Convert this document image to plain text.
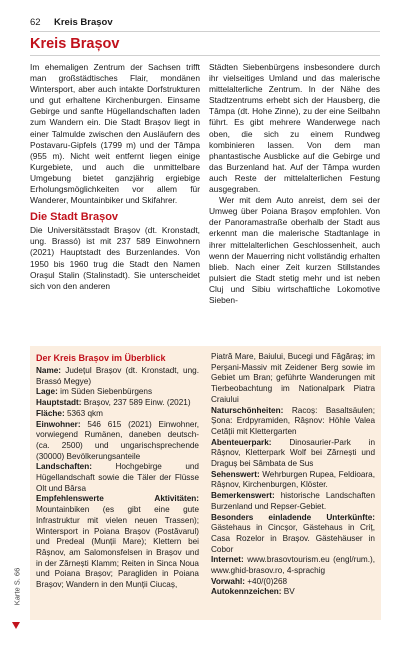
62 Kreis Brașov
Kreis Brașov

Im ehemaligen Zentrum der Sachsen trifft man großstädtisches Flair, mondänen Wintersport, aber auch intakte Dorfstrukturen und gut erhaltene Kirchenburgen. Einsame Gebirge und sanfte Hügellandschaften laden zum Wandern ein. Die Stadt Brașov liegt in einer Talmulde zwischen den Ausläufern des Postavaru-Gipfels (1799 m) und der Tâmpa (955 m). Nicht weit entfernt liegen einige Kurgebiete, und auch die unmittelbare Umgebung bietet ganzjährig ergiebige Erholungsmöglichkeiten vor allem für Wanderer, Mountainbiker und Skifahrer.

Die Stadt Brașov

Die Universitätsstadt Brașov (dt. Kronstadt, ung. Brassó) ist mit 237 589 Einwohnern (2021) Hauptstadt des Burzenlandes. Von 1950 bis 1960 trug die Stadt den Namen Orașul Stalin (Stalinstadt). Sie unterscheidet sich von den anderen

Städten Siebenbürgens insbesondere durch ihr vielseitiges Umland und das malerische mittelalterliche Zentrum. In der Nähe des Stadtzentrums erhebt sich der Hausberg, die Tâmpa (dt. Hohe Zinne), zu der eine Seilbahn führt. Es gibt mehrere Wanderwege nach oben, die sich zu einem Rundweg kombinieren lassen. Von dem man phantastische Ausblicke auf die Gebirge und das Burzenland hat. Auf der Tâmpa wurden auch Reste der mittelalterlichen Festung ausgegraben.

Wer mit dem Auto anreist, dem sei der Umweg über Poiana Brașov empfohlen. Von der Panoramastraße oberhalb der Stadt aus erkennt man die malerische Stadtanlage in ihrer mittelalterlichen Geschlossenheit, auch wenn der Mauerring nicht vollständig erhalten blieb. Nach einer Zeit kurzen Stillstandes pulsiert die Stadt stetig mehr und ist neben Cluj und Sibiu wirtschaftliche Lokomotive Sieben-

Der Kreis Brașov im Überblick

Name: Județul Brașov (dt. Kronstadt, ung. Brassó Megye)

Lage: im Süden Siebenbürgens

Hauptstadt: Brașov, 237 589 Einw. (2021)

Fläche: 5363 qkm

Einwohner: 546 615 (2021) Einwohner, vorwiegend Rumänen, daneben deutsch- (ca. 2500) und ungarischsprechende (30000) Bevölkerungsanteile

Landschaften:	Hochgebirge und Hügellandschaft sowie die Täler der Flüsse Olt und Bârsa

Empfehlenswerte Aktivitäten: Mountainbiken (es gibt eine gute Infrastruktur mit vielen neuen Trassen); Wintersport in Poiana Brașov (Postăvarul) und Predeal (Munții Mare); Klettern bei Râșnov, am Salomonsfelsen in Brașov und in der Zărnești Klamm; Reiten in Sinca Noua und Poiana Brașov; Paragliden in Poiana Brașov; Wandern in den Munții Ciucaș,

Piatră Mare, Baiului, Bucegi und Făgăraș; im Perșani-Massiv mit Zeidener Berg sowie im Gebiet um Bran; geführte Wanderungen mit Tierbeobachtung im Nationalpark Piatra Craiului

Naturschönheiten: Racoș: Basaltsäulen; Șona: Erdpyramiden, Râșnov: Höhle Valea Cetății mit Klettergarten

Abenteuerpark: Dinosaurier-Park in Râșnov, Kletterpark Wolf bei Zărnești und Draguș bei Sâmbata de Sus

Sehenswert: Wehrburgen Rupea, Feldioara, Râșnov, Kirchenburgen, Klöster.

Bemerkenswert: historische Landschaften Burzenland und Repser-Gebiet.

Besonders einladende Unterkünfte: Gästehaus in Cincșor, Gästehaus in Criț, Casa Rozelor in Brașov. Gästehäuser in Cobor

Internet: www.brasovtourism.eu (engl/rum.), www.ghid-brasov.ro, 4-sprachig

Vorwahl: +40/(0)268

Autokennzeichen: BV

Karte S. 66
